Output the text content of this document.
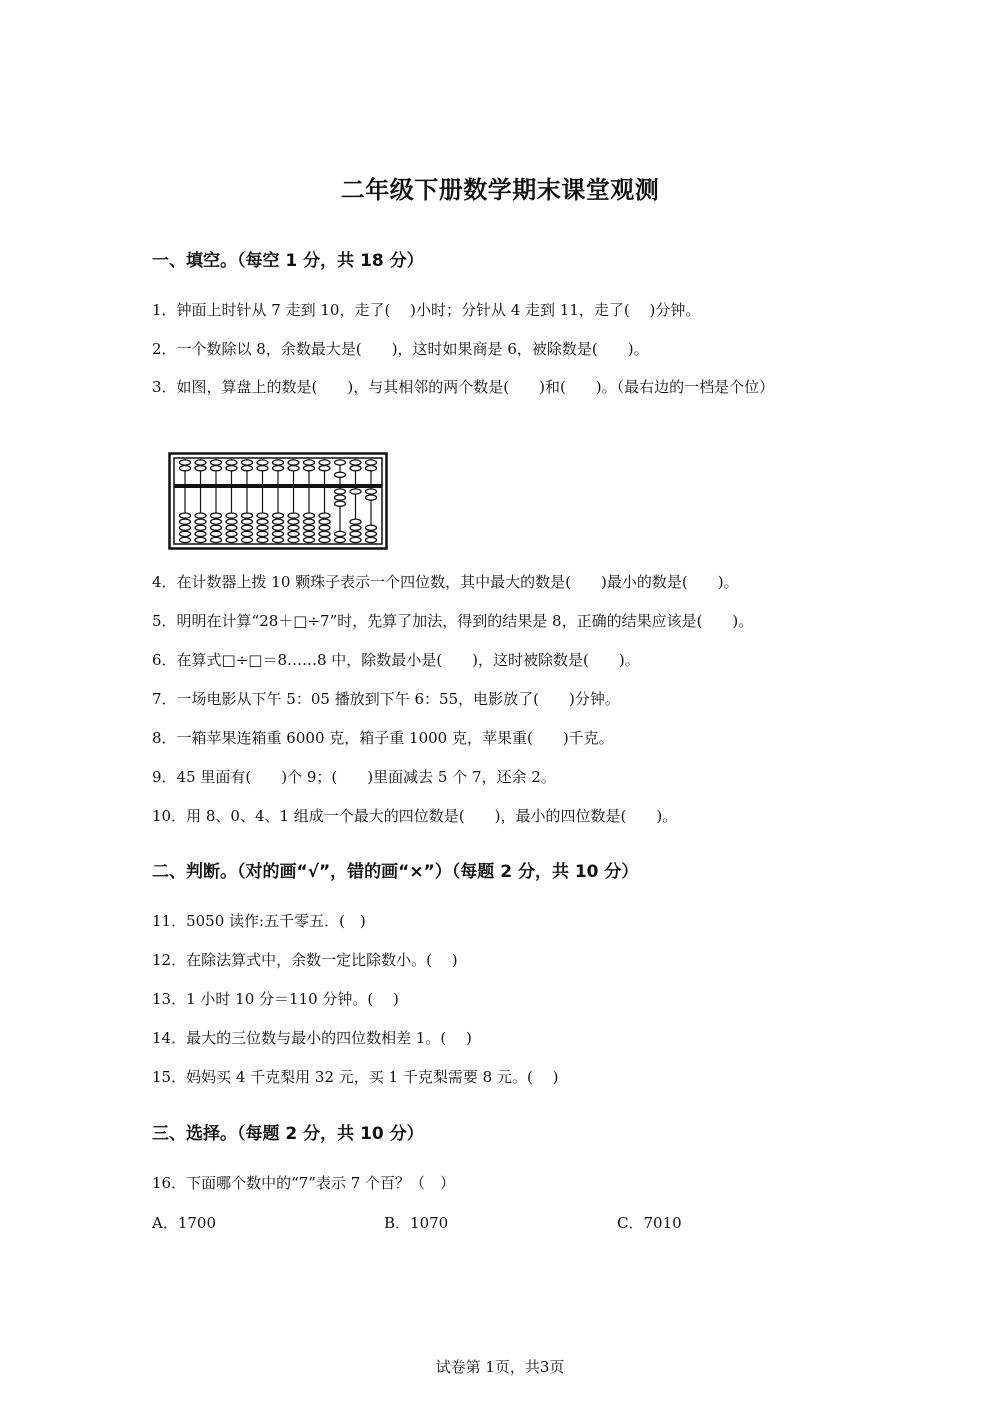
二年级下册数学期末课堂观测
一、填空。（每空 1 分，共 18 分）
1．钟面上时针从 7 走到 10，走了(　 )小时；分针从 4 走到 11，走了(　 )分钟。
2．一个数除以 8，余数最大是(　　)，这时如果商是 6，被除数是(　　)。
3．如图，算盘上的数是(　　)，与其相邻的两个数是(　　)和(　　)。（最右边的一档是个位）
4．在计数器上拨 10 颗珠子表示一个四位数，其中最大的数是(　　)最小的数是(　　)。
5．明明在计算“28＋□÷7”时，先算了加法，得到的结果是 8，正确的结果应该是(　　)。
6．在算式□÷□＝8……8 中，除数最小是(　　)，这时被除数是(　　)。
7．一场电影从下午 5：05 播放到下午 6：55，电影放了(　　)分钟。
8．一箱苹果连箱重 6000 克，箱子重 1000 克，苹果重(　　)千克。
9．45 里面有(　　)个 9；(　　)里面减去 5 个 7，还余 2。
10．用 8、0、4、1 组成一个最大的四位数是(　　)，最小的四位数是(　　)。
二、判断。（对的画“√”，错的画“×”）（每题 2 分，共 10 分）
11．5050 读作:五千零五．(　)
12．在除法算式中，余数一定比除数小。(　 )
13．1 小时 10 分＝110 分钟。(　 )
14．最大的三位数与最小的四位数相差 1。(　 )
15．妈妈买 4 千克梨用 32 元，买 1 千克梨需要 8 元。(　 )
三、选择。（每题 2 分，共 10 分）
16．下面哪个数中的“7”表示 7 个百？（　）
A．1700	B．1070	C．7010
试卷第 1页，共3页
